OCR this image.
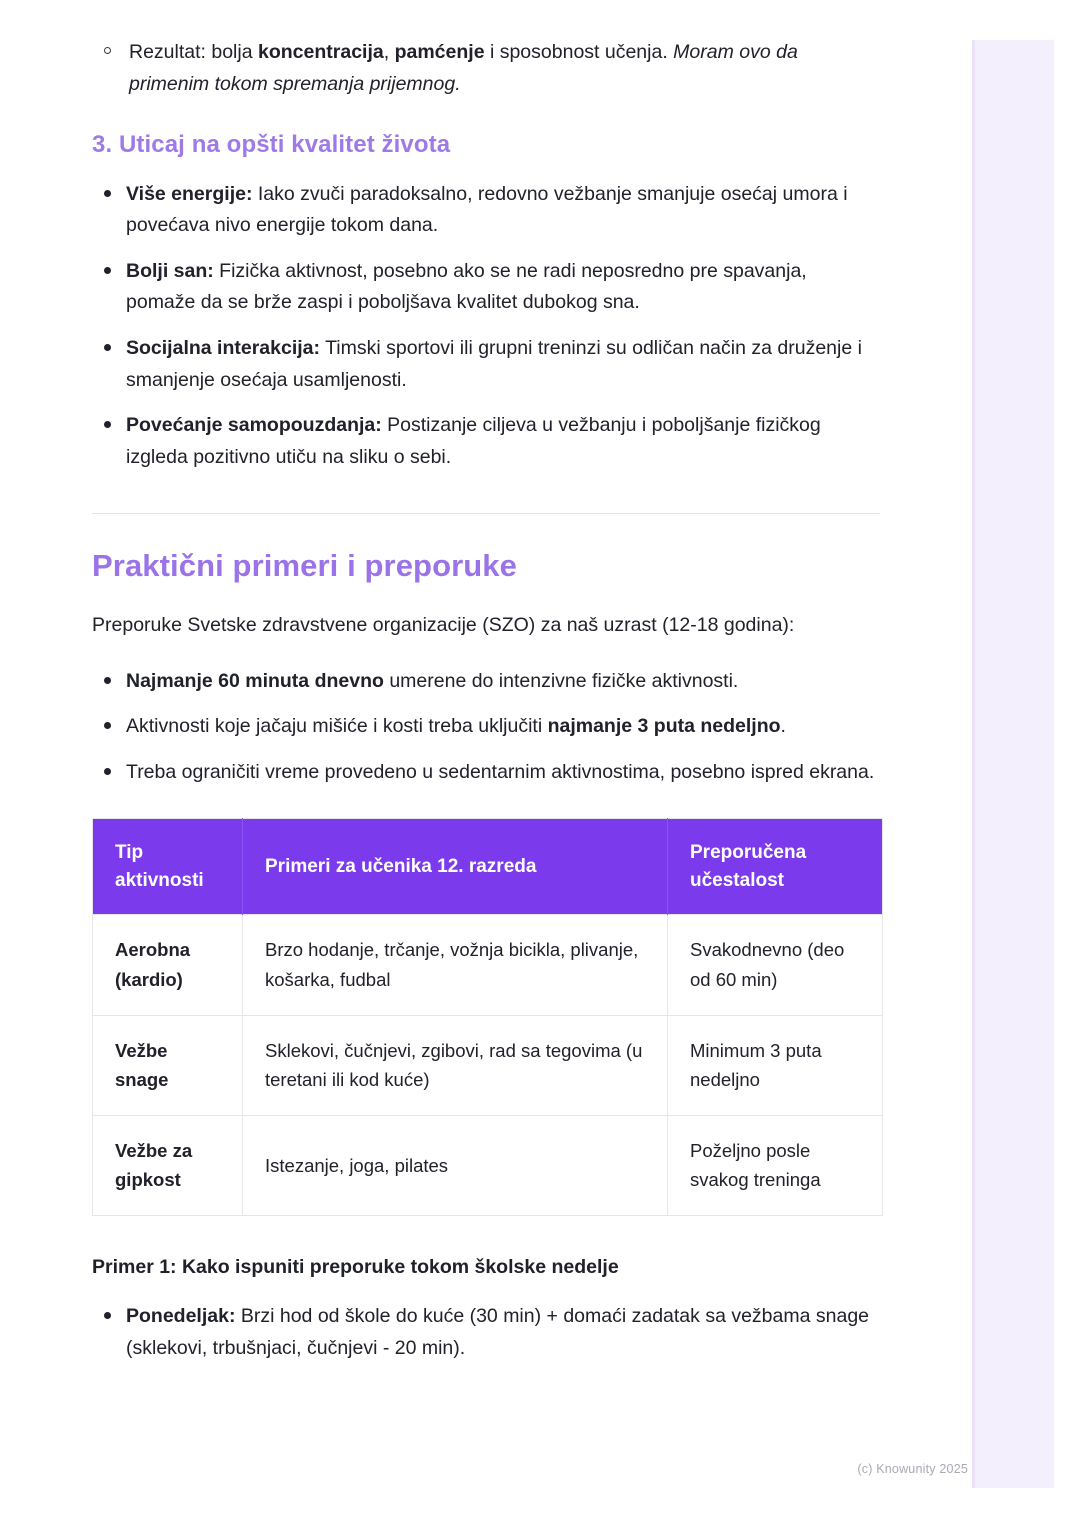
Rezultat: bolja koncentracija, pamćenje i sposobnost učenja. Moram ovo da primenim tokom spremanja prijemnog.
3. Uticaj na opšti kvalitet života
Više energije: Iako zvuči paradoksalno, redovno vežbanje smanjuje osećaj umora i povećava nivo energije tokom dana.
Bolji san: Fizička aktivnost, posebno ako se ne radi neposredno pre spavanja, pomaže da se brže zaspi i poboljšava kvalitet dubokog sna.
Socijalna interakcija: Timski sportovi ili grupni treninzi su odličan način za druženje i smanjenje osećaja usamljenosti.
Povećanje samopouzdanja: Postizanje ciljeva u vežbanju i poboljšanje fizičkog izgleda pozitivno utiču na sliku o sebi.
Praktični primeri i preporuke

Preporuke Svetske zdravstvene organizacije (SZO) za naš uzrast (12-18 godina):

Najmanje 60 minuta dnevno umerene do intenzivne fizičke aktivnosti.
Aktivnosti koje jačaju mišiće i kosti treba uključiti najmanje 3 puta nedeljno.
Treba ograničiti vreme provedeno u sedentarnim aktivnostima, posebno ispred ekrana.
Tip aktivnosti	Primeri za učenika 12. razreda	Preporučena učestalost
Aerobna (kardio)	Brzo hodanje, trčanje, vožnja bicikla, plivanje, košarka, fudbal	Svakodnevno (deo od 60 min)
Vežbe snage	Sklekovi, čučnjevi, zgibovi, rad sa tegovima (u teretani ili kod kuće)	Minimum 3 puta nedeljno
Vežbe za gipkost	Istezanje, joga, pilates	Poželjno posle svakog treninga
Primer 1: Kako ispuniti preporuke tokom školske nedelje
Ponedeljak: Brzi hod od škole do kuće (30 min) + domaći zadatak sa vežbama snage (sklekovi, trbušnjaci, čučnjevi - 20 min).
(c) Knowunity 2025
